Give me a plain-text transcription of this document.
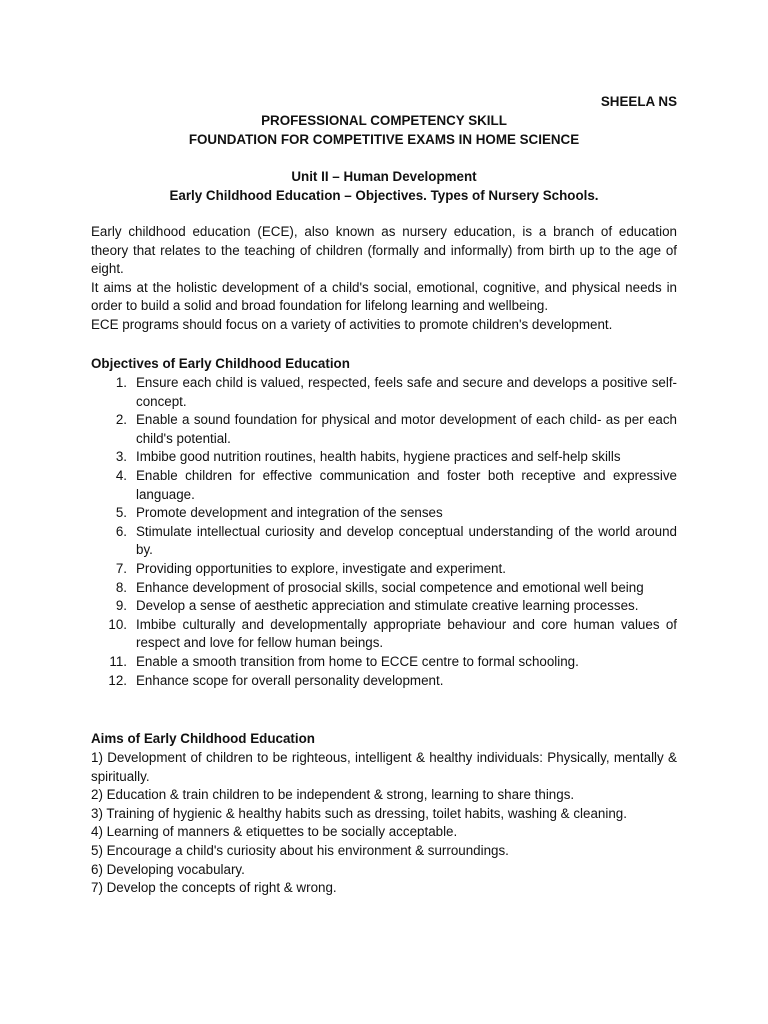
SHEELA NS
PROFESSIONAL COMPETENCY SKILL
FOUNDATION FOR COMPETITIVE EXAMS IN HOME SCIENCE
Unit II – Human Development
Early Childhood Education – Objectives. Types of Nursery Schools.

Early childhood education (ECE), also known as nursery education, is a branch of education theory that relates to the teaching of children (formally and informally) from birth up to the age of eight.

It aims at the holistic development of a child's social, emotional, cognitive, and physical needs in order to build a solid and broad foundation for lifelong learning and wellbeing.

ECE programs should focus on a variety of activities to promote children's development.

Objectives of Early Childhood Education
1. Ensure each child is valued, respected, feels safe and secure and develops a positive self-concept.
2. Enable a sound foundation for physical and motor development of each child- as per each child's potential.
3. Imbibe good nutrition routines, health habits, hygiene practices and self-help skills
4. Enable children for effective communication and foster both receptive and expressive language.
5. Promote development and integration of the senses
6. Stimulate intellectual curiosity and develop conceptual understanding of the world around by.
7. Providing opportunities to explore, investigate and experiment.
8. Enhance development of prosocial skills, social competence and emotional well being
9. Develop a sense of aesthetic appreciation and stimulate creative learning processes.
10. Imbibe culturally and developmentally appropriate behaviour and core human values of respect and love for fellow human beings.
11. Enable a smooth transition from home to ECCE centre to formal schooling.
12. Enhance scope for overall personality development.
Aims of Early Childhood Education
1) Development of children to be righteous, intelligent & healthy individuals: Physically, mentally & spiritually.
2) Education & train children to be independent & strong, learning to share things.
3) Training of hygienic & healthy habits such as dressing, toilet habits, washing & cleaning.
4) Learning of manners & etiquettes to be socially acceptable.
5) Encourage a child's curiosity about his environment & surroundings.
6) Developing vocabulary.
7) Develop the concepts of right & wrong.
